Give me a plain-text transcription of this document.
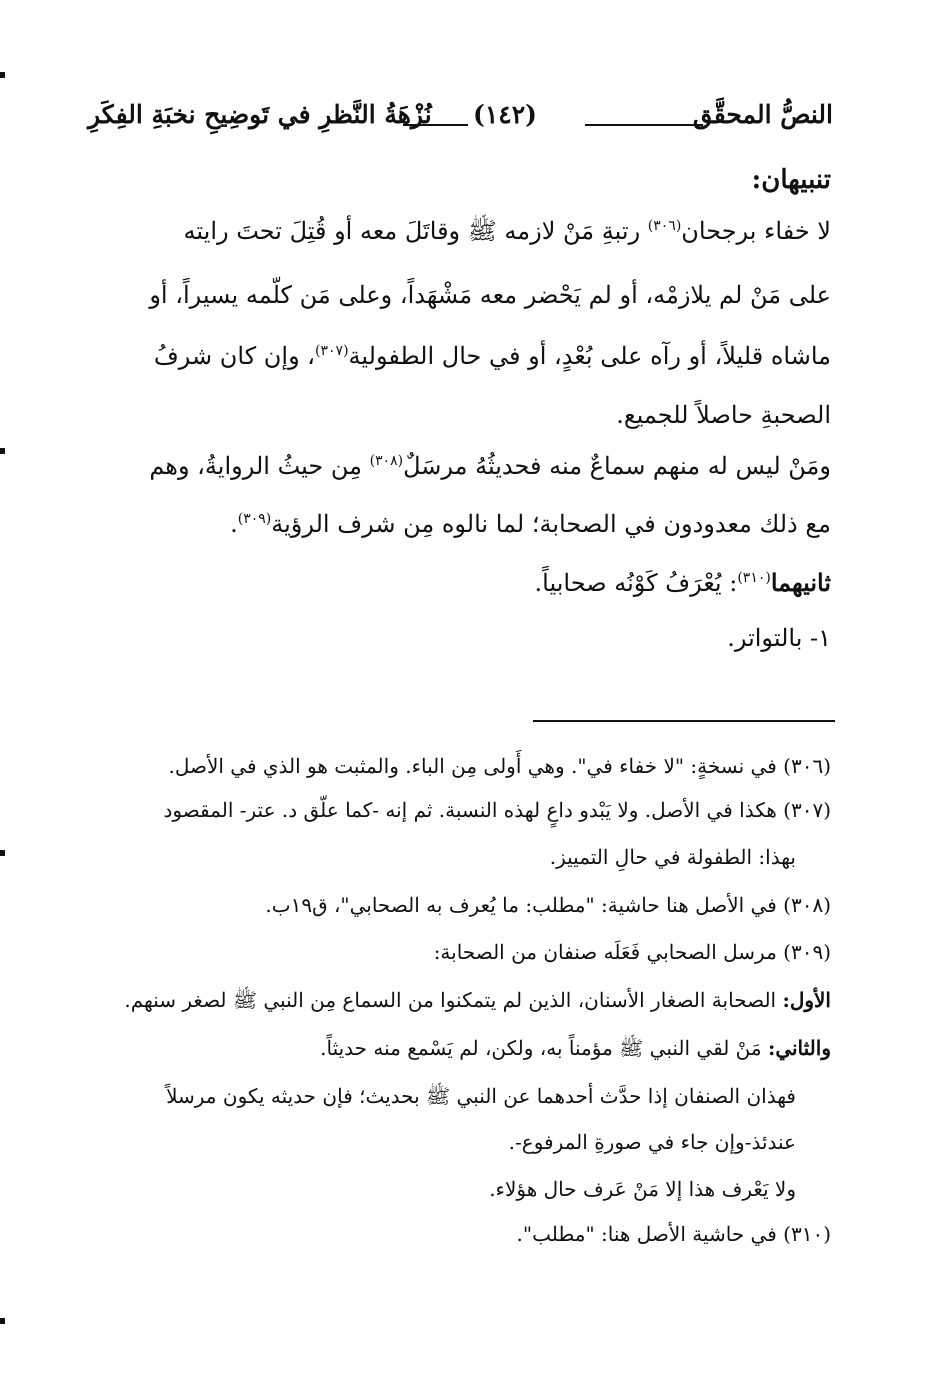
نُزْهَةُ النَّظرِ في تَوضِيحِ نخبَةِ الفِكَرِ (١٤٢)	النصُّ المحقَّق
تنبيهان:
لا خفاء برجحان$^{(٣٠٦)}$ رتبةِ مَنْ لازمه ﷺ وقاتَلَ معه أو قُتِلَ تحتَ رايته
على مَنْ لم يلازمْه، أو لم يَحْضر معه مَشْهَداً، وعلى مَن كلّمه يسيراً، أو
ماشاه قليلاً، أو رآه على بُعْدٍ، أو في حال الطفولية$^{(٣٠٧)}$، وإن كان شرفُ
الصحبةِ حاصلاً للجميع.
ومَنْ ليس له منهم سماعٌ منه فحديثُهُ مرسَلٌ$^{(٣٠٨)}$ مِن حيثُ الروايةُ، وهم
مع ذلك معدودون في الصحابة؛ لما نالوه مِن شرف الرؤية$^{(٣٠٩)}$.
ثانيهما$^{(٣١٠)}$: يُعْرَفُ كَوْنُه صحابياً.
١- بالتواتر.
(٣٠٦) في نسخةٍ: "لا خفاء في". وهي أَولى مِن الباء. والمثبت هو الذي في الأصل.
(٣٠٧) هكذا في الأصل. ولا يَبْدو داعٍ لهذه النسبة. ثم إنه -كما علّق د. عتر- المقصود
بهذا: الطفولة في حالِ التمييز.
(٣٠٨) في الأصل هنا حاشية: "مطلب: ما يُعرف به الصحابي"، ق١٩ب.
(٣٠٩) مرسل الصحابي فَعَلَه صنفان من الصحابة:
الأول: الصحابة الصغار الأسنان، الذين لم يتمكنوا من السماع مِن النبي ﷺ لصغر سنهم.
والثاني: مَنْ لقي النبي ﷺ مؤمناً به، ولكن، لم يَسْمع منه حديثاً.
فهذان الصنفان إذا حدَّث أحدهما عن النبي ﷺ بحديث؛ فإن حديثه يكون مرسلاً
عندئذ-وإن جاء في صورةِ المرفوع-.
ولا يَعْرف هذا إلا مَنْ عَرف حال هؤلاء.
(٣١٠) في حاشية الأصل هنا: "مطلب".
